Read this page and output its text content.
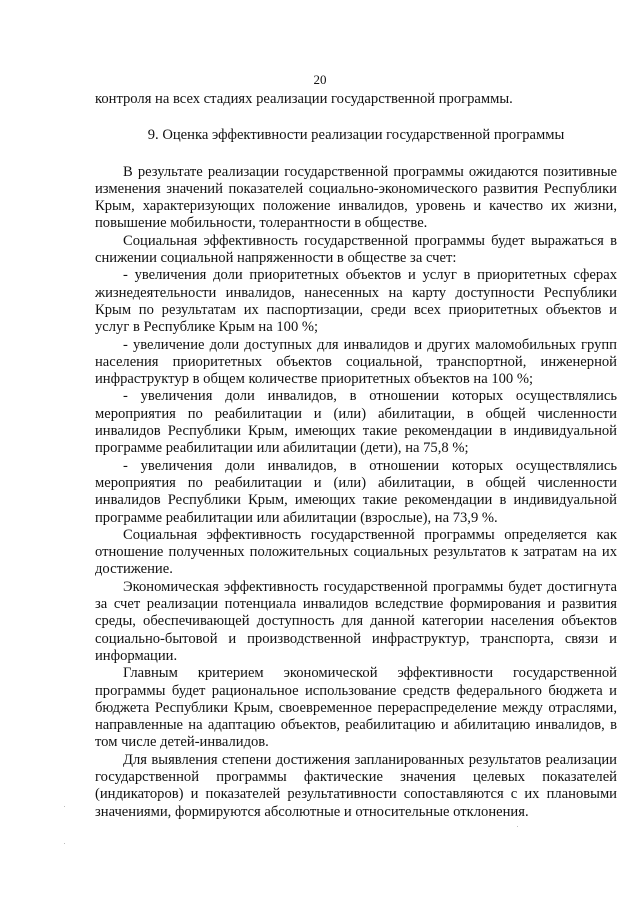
20

контроля на всех стадиях реализации государственной программы.

9. Оценка эффективности реализации государственной программы

В результате реализации государственной программы ожидаются позитивные изменения значений показателей социально-экономического развития Республики Крым, характеризующих положение инвалидов, уровень и качество их жизни, повышение мобильности, толерантности в обществе.

Социальная эффективность государственной программы будет выражаться в снижении социальной напряженности в обществе за счет:

- увеличения доли приоритетных объектов и услуг в приоритетных сферах жизнедеятельности инвалидов, нанесенных на карту доступности Республики Крым по результатам их паспортизации, среди всех приоритетных объектов и услуг в Республике Крым на 100 %;

- увеличение доли доступных для инвалидов и других маломобильных групп населения приоритетных объектов социальной, транспортной, инженерной инфраструктур в общем количестве приоритетных объектов на 100 %;

- увеличения доли инвалидов, в отношении которых осуществлялись мероприятия по реабилитации и (или) абилитации, в общей численности инвалидов Республики Крым, имеющих такие рекомендации в индивидуальной программе реабилитации или абилитации (дети), на 75,8 %;

- увеличения доли инвалидов, в отношении которых осуществлялись мероприятия по реабилитации и (или) абилитации, в общей численности инвалидов Республики Крым, имеющих такие рекомендации в индивидуальной программе реабилитации или абилитации (взрослые), на 73,9 %.

Социальная эффективность государственной программы определяется как отношение полученных положительных социальных результатов к затратам на их достижение.

Экономическая эффективность государственной программы будет достигнута за счет реализации потенциала инвалидов вследствие формирования и развития среды, обеспечивающей доступность для данной категории населения объектов социально-бытовой и производственной инфраструктур, транспорта, связи и информации.

Главным критерием экономической эффективности государственной программы будет рациональное использование средств федерального бюджета и бюджета Республики Крым, своевременное перераспределение между отраслями, направленные на адаптацию объектов, реабилитацию и абилитацию инвалидов, в том числе детей-инвалидов.

Для выявления степени достижения запланированных результатов реализации государственной программы фактические значения целевых показателей (индикаторов) и показателей результативности сопоставляются с их плановыми значениями, формируются абсолютные и относительные отклонения.
